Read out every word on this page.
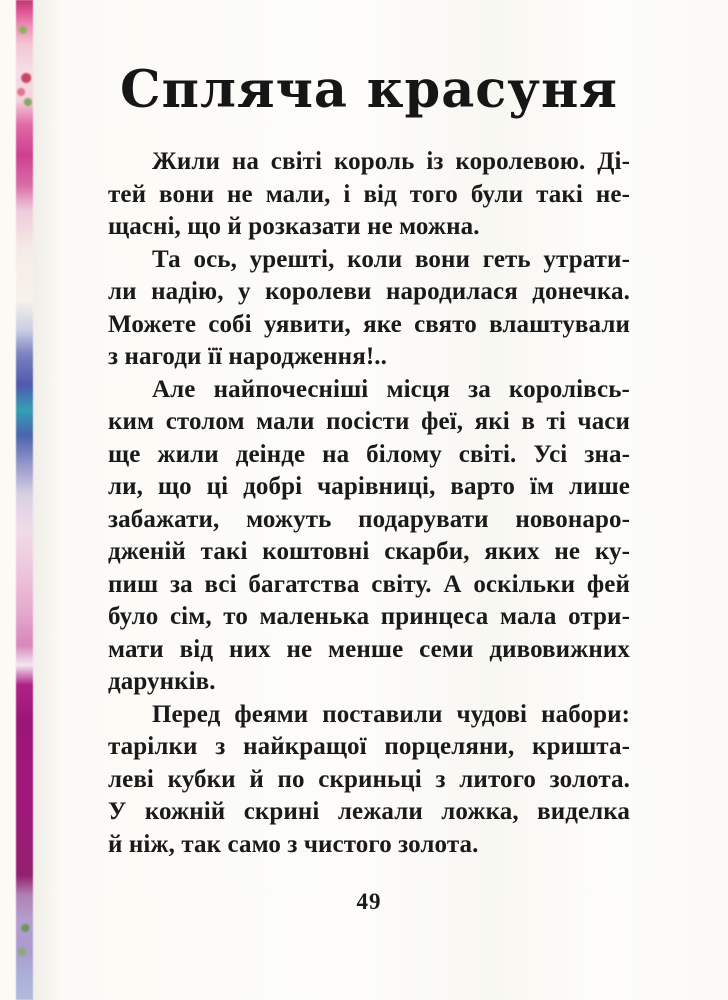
Спляча красуня
Жили на світі король із королевою. Ді-
тей вони не мали, і від того були такі не-
щасні, що й розказати не можна.
Та ось, урешті, коли вони геть утрати-
ли надію, у королеви народилася донечка.
Можете собі уявити, яке свято влаштували
з нагоди її народження!..
Але найпочесніші місця за королівсь-
ким столом мали посісти феї, які в ті часи
ще жили деінде на білому світі. Усі зна-
ли, що ці добрі чарівниці, варто їм лише
забажати, можуть подарувати новонаро-
дженій такі коштовні скарби, яких не ку-
пиш за всі багатства світу. А оскільки фей
було сім, то маленька принцеса мала отри-
мати від них не менше семи дивовижних
дарунків.
Перед феями поставили чудові набори:
тарілки з найкращої порцеляни, кришта-
леві кубки й по скриньці з литого золота.
У кожній скрині лежали ложка, виделка
й ніж, так само з чистого золота.
49
